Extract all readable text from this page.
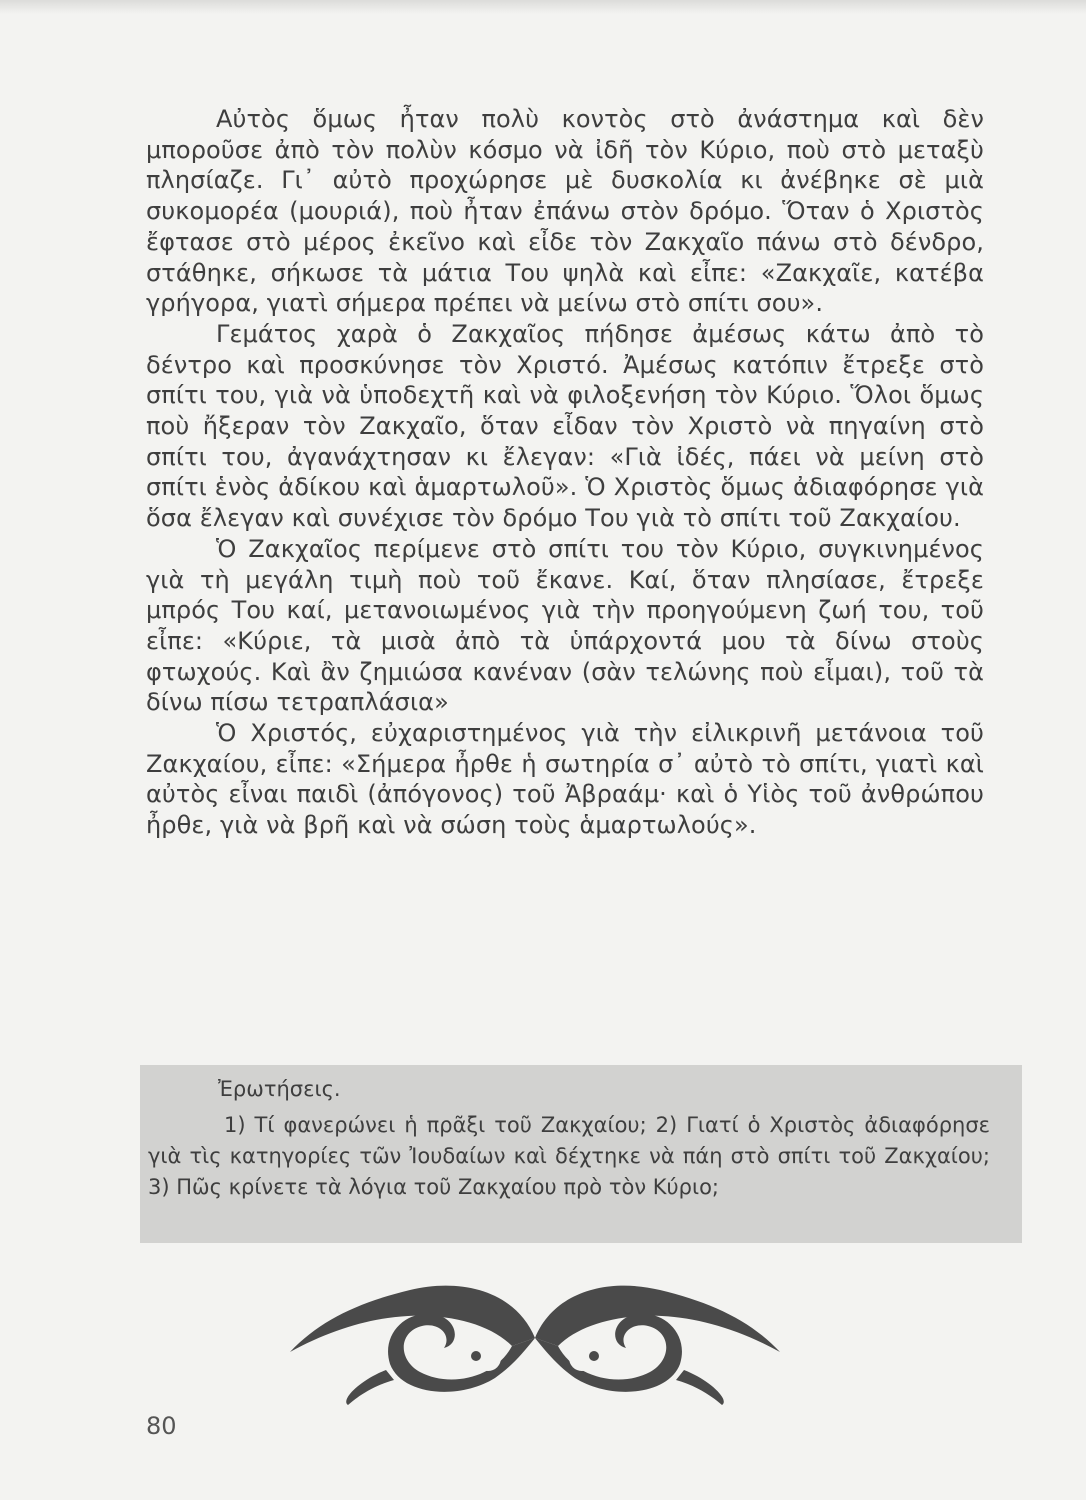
Αὐτὸς ὅμως ἦταν πολὺ κοντὸς στὸ ἀνάστημα καὶ δὲν μποροῦσε ἀπὸ τὸν πολὺν κόσμο νὰ ἰδῆ τὸν Κύριο, ποὺ στὸ μεταξὺ πλησίαζε. Γι᾿ αὐτὸ προχώρησε μὲ δυσκολία κι ἀνέβηκε σὲ μιὰ συκομορέα (μουριά), ποὺ ἦταν ἐπάνω στὸν δρόμο. Ὅταν ὁ Χριστὸς ἔφτασε στὸ μέρος ἐκεῖνο καὶ εἶδε τὸν Ζακχαῖο πάνω στὸ δένδρο, στάθηκε, σήκωσε τὰ μάτια Του ψηλὰ καὶ εἶπε: «Ζακχαῖε, κατέβα γρήγορα, γιατὶ σήμερα πρέπει νὰ μείνω στὸ σπίτι σου».

Γεμάτος χαρὰ ὁ Ζακχαῖος πήδησε ἀμέσως κάτω ἀπὸ τὸ δέντρο καὶ προσκύνησε τὸν Χριστό. Ἀμέσως κατόπιν ἔτρεξε στὸ σπίτι του, γιὰ νὰ ὑποδεχτῆ καὶ νὰ φιλοξενήση τὸν Κύριο. Ὅλοι ὅμως ποὺ ἤξεραν τὸν Ζακχαῖο, ὅταν εἶδαν τὸν Χριστὸ νὰ πηγαίνη στὸ σπίτι του, ἀγανάχτησαν κι ἔλεγαν: «Γιὰ ἰδές, πάει νὰ μείνη στὸ σπίτι ἑνὸς ἀδίκου καὶ ἁμαρτωλοῦ». Ὁ Χριστὸς ὅμως ἀδιαφόρησε γιὰ ὅσα ἔλεγαν καὶ συνέχισε τὸν δρόμο Του γιὰ τὸ σπίτι τοῦ Ζακχαίου.

Ὁ Ζακχαῖος περίμενε στὸ σπίτι του τὸν Κύριο, συγκινημένος γιὰ τὴ μεγάλη τιμὴ ποὺ τοῦ ἔκανε. Καί, ὅταν πλησίασε, ἔτρεξε μπρός Του καί, μετανοιωμένος γιὰ τὴν προηγούμενη ζωή του, τοῦ εἶπε: «Κύριε, τὰ μισὰ ἀπὸ τὰ ὑπάρχοντά μου τὰ δίνω στοὺς φτωχούς. Καὶ ἂν ζημιώσα κανέναν (σὰν τελώνης ποὺ εἶμαι), τοῦ τὰ δίνω πίσω τετραπλάσια»

Ὁ Χριστός, εὐχαριστημένος γιὰ τὴν εἰλικρινῆ μετάνοια τοῦ Ζακχαίου, εἶπε: «Σήμερα ἦρθε ἡ σωτηρία σ᾿ αὐτὸ τὸ σπίτι, γιατὶ καὶ αὐτὸς εἶναι παιδὶ (ἀπόγονος) τοῦ Ἀβραάμ· καὶ ὁ Υἱὸς τοῦ ἀνθρώπου ἦρθε, γιὰ νὰ βρῆ καὶ νὰ σώση τοὺς ἁμαρτωλούς».

Ἐρωτήσεις.

1) Τί φανερώνει ἡ πρᾶξι τοῦ Ζακχαίου; 2) Γιατί ὁ Χριστὸς ἀδιαφόρησε γιὰ τὶς κατηγορίες τῶν Ἰουδαίων καὶ δέχτηκε νὰ πάη στὸ σπίτι τοῦ Ζακχαίου; 3) Πῶς κρίνετε τὰ λόγια τοῦ Ζακχαίου πρὸ τὸν Κύριο;

80
